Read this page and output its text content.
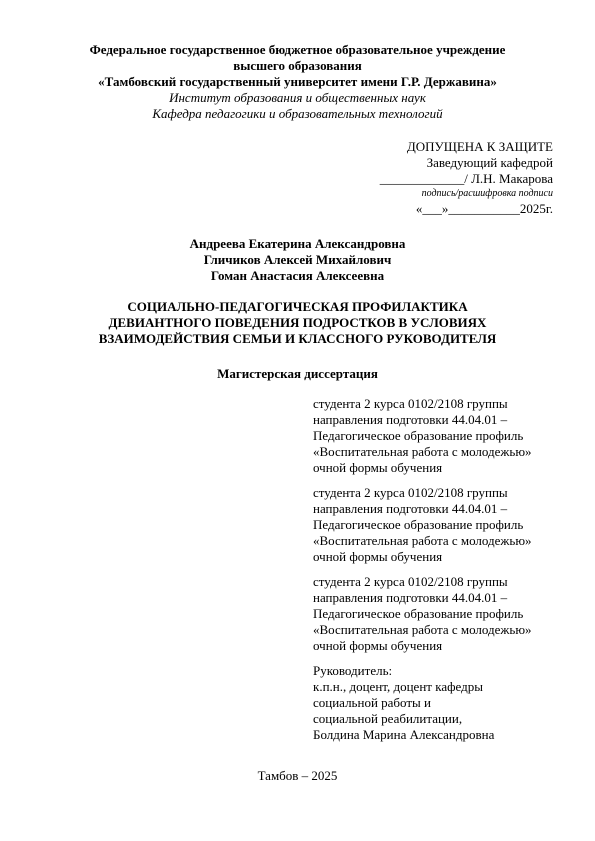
Федеральное государственное бюджетное образовательное учреждение
высшего образования
«Тамбовский государственный университет имени Г.Р. Державина»
Институт образования и общественных наук
Кафедра педагогики и образовательных технологий
ДОПУЩЕНА К ЗАЩИТЕ
Заведующий кафедрой
_____________/ Л.Н. Макарова
подпись/расшифровка подписи
«___»___________2025г.
Андреева Екатерина Александровна
Гличиков Алексей Михайлович
Гоман Анастасия Алексеевна
СОЦИАЛЬНО-ПЕДАГОГИЧЕСКАЯ ПРОФИЛАКТИКА
ДЕВИАНТНОГО ПОВЕДЕНИЯ ПОДРОСТКОВ В УСЛОВИЯХ
ВЗАИМОДЕЙСТВИЯ СЕМЬИ И КЛАССНОГО РУКОВОДИТЕЛЯ
Магистерская диссертация
студента 2 курса 0102/2108 группы
направления подготовки 44.04.01 –
Педагогическое образование профиль
«Воспитательная работа с молодежью»
очной формы обучения
студента 2 курса 0102/2108 группы
направления подготовки 44.04.01 –
Педагогическое образование профиль
«Воспитательная работа с молодежью»
очной формы обучения
студента 2 курса 0102/2108 группы
направления подготовки 44.04.01 –
Педагогическое образование профиль
«Воспитательная работа с молодежью»
очной формы обучения
Руководитель:
к.п.н., доцент, доцент кафедры
социальной работы и
социальной реабилитации,
Болдина Марина Александровна
Тамбов – 2025
